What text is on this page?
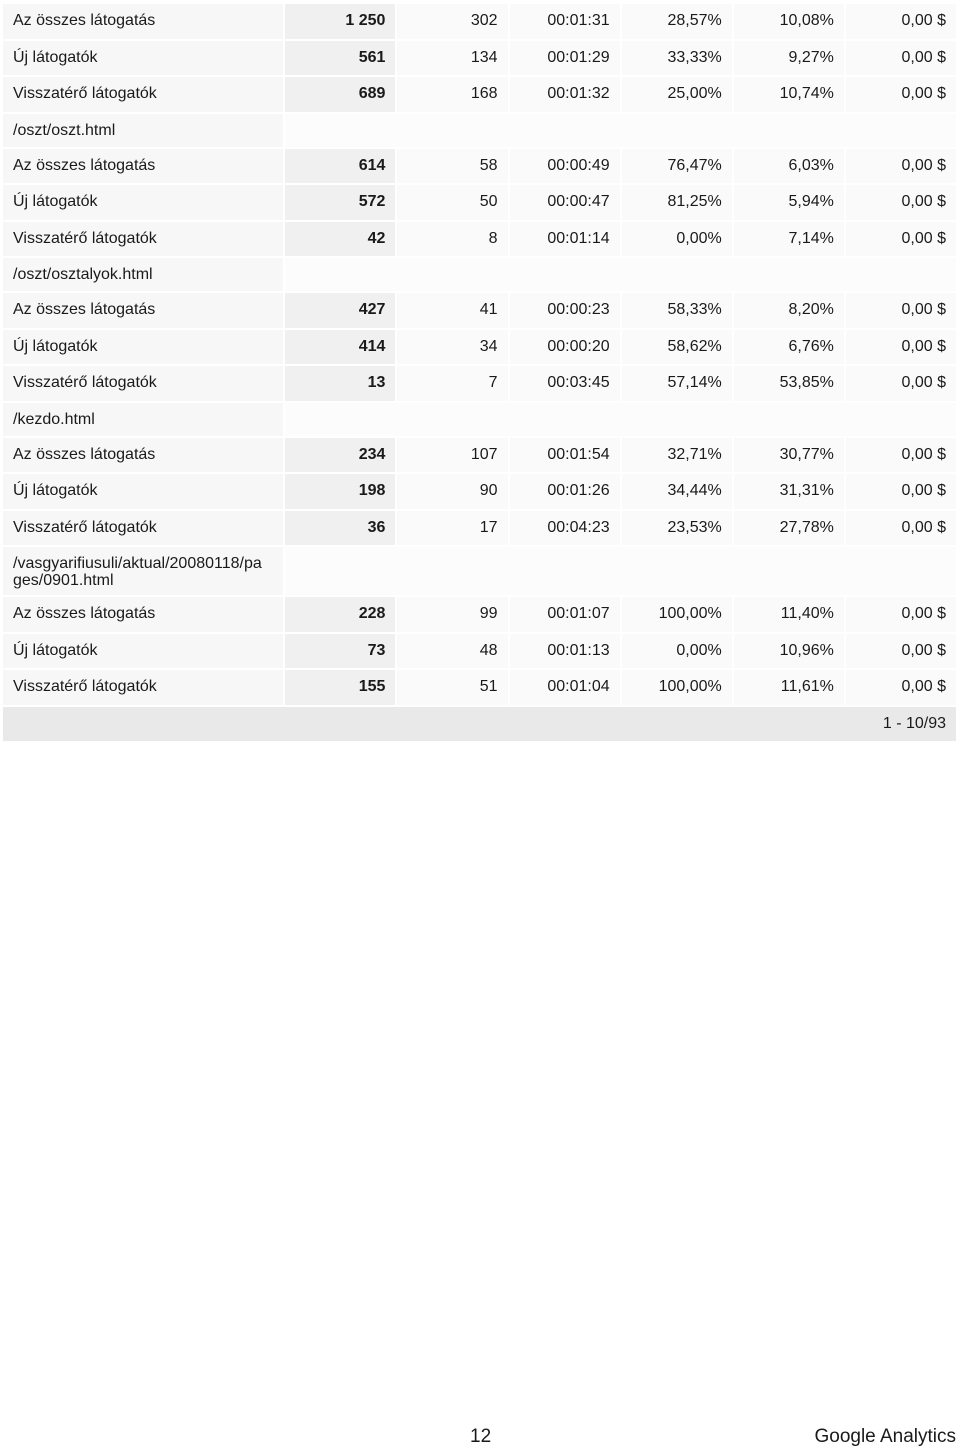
Az összes látogatás	1 250	302	00:01:31	28,57%	10,08%	0,00 $
Új látogatók	561	134	00:01:29	33,33%	9,27%	0,00 $
Visszatérő látogatók	689	168	00:01:32	25,00%	10,74%	0,00 $
/oszt/oszt.html						
Az összes látogatás	614	58	00:00:49	76,47%	6,03%	0,00 $
Új látogatók	572	50	00:00:47	81,25%	5,94%	0,00 $
Visszatérő látogatók	42	8	00:01:14	0,00%	7,14%	0,00 $
/oszt/osztalyok.html						
Az összes látogatás	427	41	00:00:23	58,33%	8,20%	0,00 $
Új látogatók	414	34	00:00:20	58,62%	6,76%	0,00 $
Visszatérő látogatók	13	7	00:03:45	57,14%	53,85%	0,00 $
/kezdo.html						
Az összes látogatás	234	107	00:01:54	32,71%	30,77%	0,00 $
Új látogatók	198	90	00:01:26	34,44%	31,31%	0,00 $
Visszatérő látogatók	36	17	00:04:23	23,53%	27,78%	0,00 $

/vasgyarifiusuli/aktual/20080118/pa
ges/0901.html						

Az összes látogatás	228	99	00:01:07	100,00%	11,40%	0,00 $
Új látogatók	73	48	00:01:13	0,00%	10,96%	0,00 $
Visszatérő látogatók	155	51	00:01:04	100,00%	11,61%	0,00 $
1 - 10/93						
12	Google Analytics
